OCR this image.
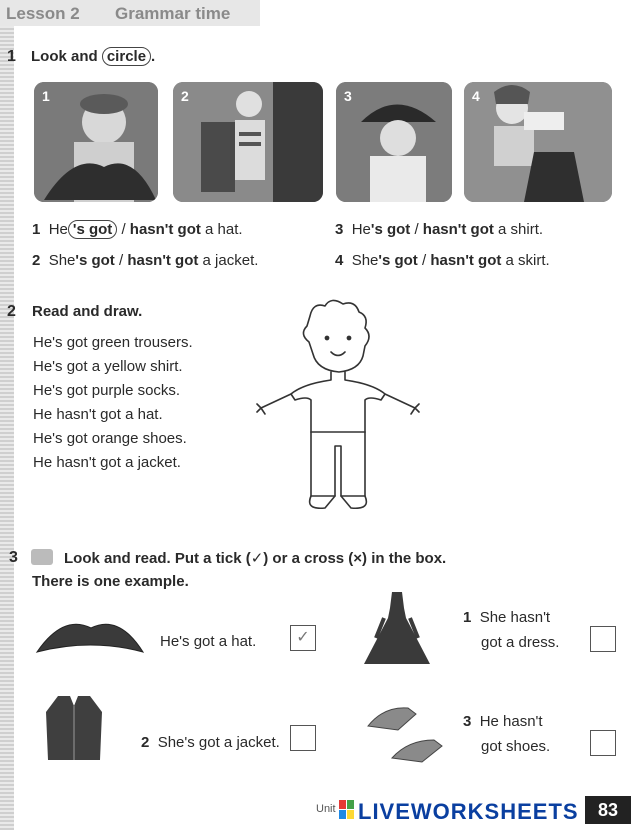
Lesson 2 Grammar time
1 Look and circle .
1	2	3	4
1 He 's got / hasn't got a hat.
2 She's got / hasn't got a jacket.
3 He's got / hasn't got a shirt.
4 She's got / hasn't got a skirt.
2 Read and draw.
He's got green trousers.
He's got a yellow shirt.
He's got purple socks.
He hasn't got a hat.
He's got orange shoes.
He hasn't got a jacket.
3	Look and read. Put a tick (✓) or a cross (×) in the box.
There is one example.
He's got a hat.	✓
1 She hasn't
got a dress.
2 She's got a jacket.
3 He hasn't
got shoes.
Unit LIVEWORKSHEETS	83
